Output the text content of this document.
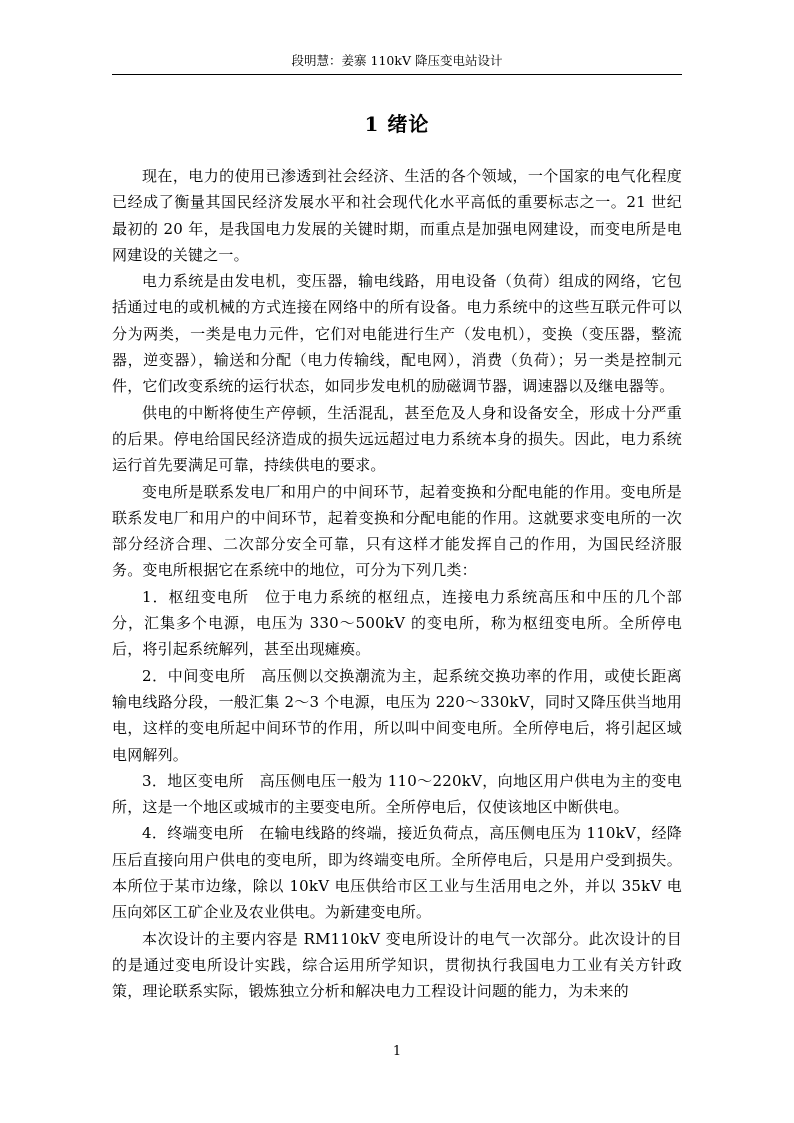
段明慧：姜寨 110kV 降压变电站设计
1 绪论

现在，电力的使用已渗透到社会经济、生活的各个领域，一个国家的电气化程度已经成了衡量其国民经济发展水平和社会现代化水平高低的重要标志之一。21 世纪最初的 20 年，是我国电力发展的关键时期，而重点是加强电网建设，而变电所是电网建设的关键之一。

电力系统是由发电机，变压器，输电线路，用电设备（负荷）组成的网络，它包括通过电的或机械的方式连接在网络中的所有设备。电力系统中的这些互联元件可以分为两类，一类是电力元件，它们对电能进行生产（发电机），变换（变压器，整流器，逆变器），输送和分配（电力传输线，配电网），消费（负荷）；另一类是控制元件，它们改变系统的运行状态，如同步发电机的励磁调节器，调速器以及继电器等。

供电的中断将使生产停顿，生活混乱，甚至危及人身和设备安全，形成十分严重的后果。停电给国民经济造成的损失远远超过电力系统本身的损失。因此，电力系统运行首先要满足可靠，持续供电的要求。

变电所是联系发电厂和用户的中间环节，起着变换和分配电能的作用。变电所是联系发电厂和用户的中间环节，起着变换和分配电能的作用。这就要求变电所的一次部分经济合理、二次部分安全可靠，只有这样才能发挥自己的作用，为国民经济服务。变电所根据它在系统中的地位，可分为下列几类：

1．枢纽变电所　位于电力系统的枢纽点，连接电力系统高压和中压的几个部分，汇集多个电源，电压为 330～500kV 的变电所，称为枢纽变电所。全所停电后，将引起系统解列，甚至出现瘫痪。

2．中间变电所　高压侧以交换潮流为主，起系统交换功率的作用，或使长距离输电线路分段，一般汇集 2～3 个电源，电压为 220～330kV，同时又降压供当地用电，这样的变电所起中间环节的作用，所以叫中间变电所。全所停电后，将引起区域电网解列。

3．地区变电所　高压侧电压一般为 110～220kV，向地区用户供电为主的变电所，这是一个地区或城市的主要变电所。全所停电后，仅使该地区中断供电。

4．终端变电所　在输电线路的终端，接近负荷点，高压侧电压为 110kV，经降压后直接向用户供电的变电所，即为终端变电所。全所停电后，只是用户受到损失。本所位于某市边缘，除以 10kV 电压供给市区工业与生活用电之外，并以 35kV 电压向郊区工矿企业及农业供电。为新建变电所。

本次设计的主要内容是 RM110kV 变电所设计的电气一次部分。此次设计的目的是通过变电所设计实践，综合运用所学知识，贯彻执行我国电力工业有关方针政策，理论联系实际，锻炼独立分析和解决电力工程设计问题的能力，为未来的

1
